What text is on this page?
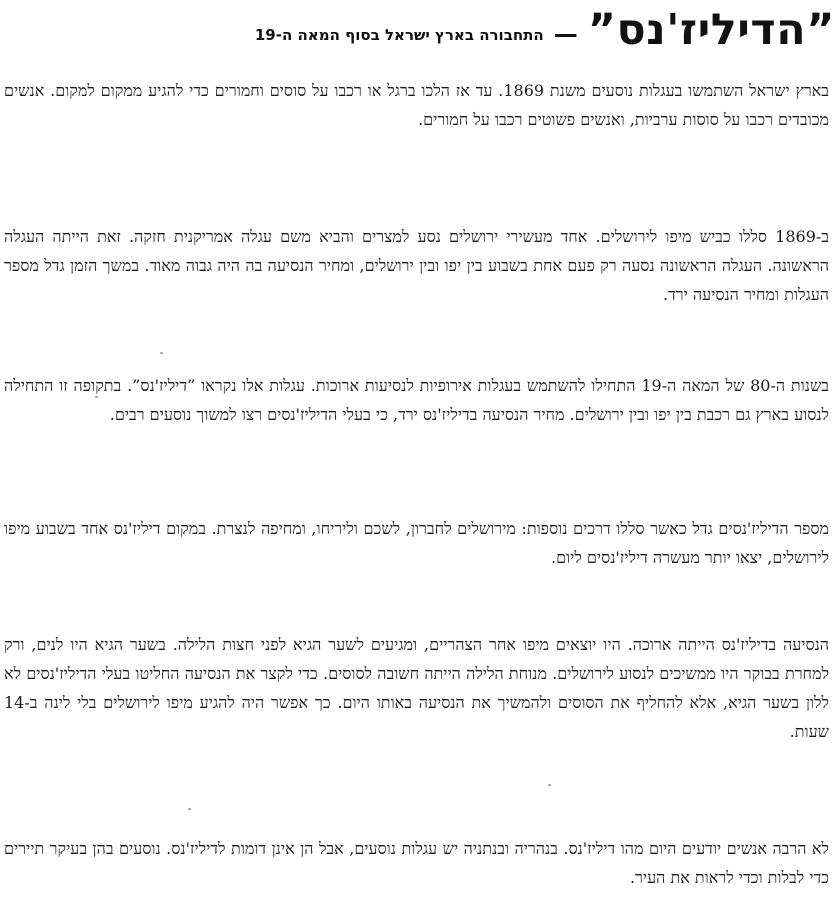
”הדיליז'נס”
—
התחבורה בארץ ישראל בסוף המאה ה-19

בארץ ישראל השתמשו בעגלות נוסעים משנת 1869. עד אז הלכו ברגל או רכבו על סוסים וחמורים כדי להגיע ממקום למקום. אנשים מכובדים רכבו על סוסות ערביות, ואנשים פשוטים רכבו על חמורים.

ב-1869 סללו כביש מיפו לירושלים. אחד מעשירי ירושלים נסע למצרים והביא משם עגלה אמריקנית חזקה. זאת הייתה העגלה הראשונה. העגלה הראשונה נסעה רק פעם אחת בשבוע בין יפו ובין ירושלים, ומחיר הנסיעה בה היה גבוה מאוד. במשך הזמן גדל מספר העגלות ומחיר הנסיעה ירד.

בשנות ה-80 של המאה ה-19 התחילו להשתמש בעגלות אירופיות לנסיעות ארוכות. עגלות אלו נקראו ”דיליז'נס”. בתקופה זו התחילה לנסוע בארץ גם רכבת בין יפו ובין ירושלים. מחיר הנסיעה בדיליז'נס ירד, כי בעלי הדיליז'נסים רצו למשוך נוסעים רבים.

מספר הדיליז'נסים גדל כאשר סללו דרכים נוספות: מירושלים לחברון, לשכם וליריחו, ומחיפה לנצרת. במקום דיליז'נס אחד בשבוע מיפו לירושלים, יצאו יותר מעשרה דיליז'נסים ליום.

הנסיעה בדיליז'נס הייתה ארוכה. היו יוצאים מיפו אחר הצהריים, ומגיעים לשער הגיא לפני חצות הלילה. בשער הגיא היו לנים, ורק למחרת בבוקר היו ממשיכים לנסוע לירושלים. מנוחת הלילה הייתה חשובה לסוסים. כדי לקצר את הנסיעה החליטו בעלי הדיליז'נסים לא ללון בשער הגיא, אלא להחליף את הסוסים ולהמשיך את הנסיעה באותו היום. כך אפשר היה להגיע מיפו לירושלים בלי לינה ב-14 שעות.

לא הרבה אנשים יודעים היום מהו דיליז'נס. בנהריה ובנתניה יש עגלות נוסעים, אבל הן אינן דומות לדיליז'נס. נוסעים בהן בעיקר תיירים כדי לבלות וכדי לראות את העיר.
